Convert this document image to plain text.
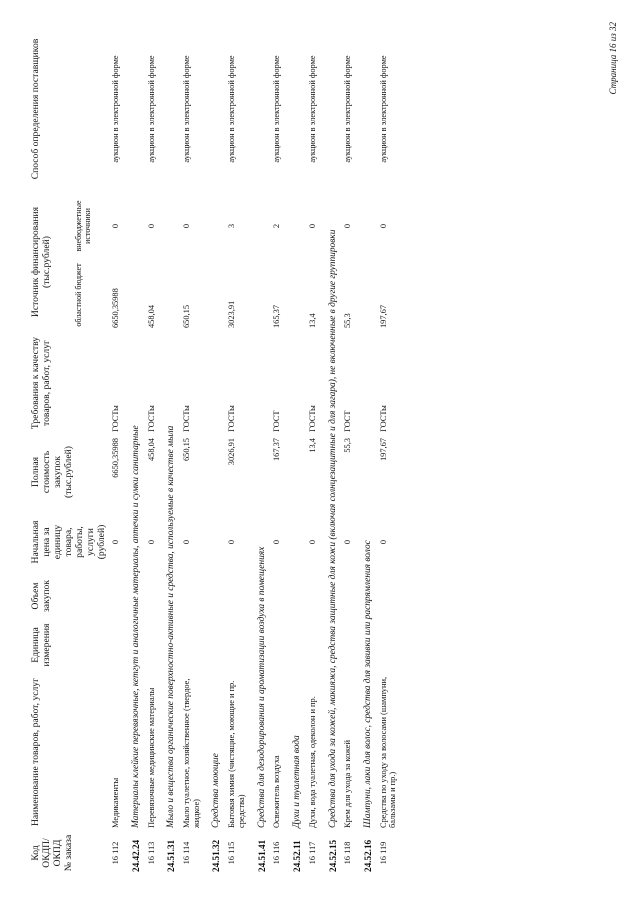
Код ОКДП/ ОКПД № заказа	Наименование товаров, работ, услуг	Единица измерения	Объем закупок	Начальная цена за единицу товара, работы, услуги (рублей)	Полная стоимость закупок (тыс.рублей)	Требования к качеству товаров, работ, услуг	Источник финансирования (тыс.рублей)		Способ определения поставщиков
							областной бюджет	внебюджетные источники	
16 112	Медикаменты			0	6650,35988	ГОСТы	6650,35988	0	аукцион в электронной форме
24.42.24	Материалы клейкие перевязочные, кетгут и аналогичные материалы, аптечки и сумки санитарные								
16 113	Перевязочные медицинские материалы			0	458,04	ГОСТы	458,04	0	аукцион в электронной форме
24.51.31	Мыло и вещества органические поверхностно-активные и средства, используемые в качестве мыла								
16 114	Мыло туалетное, хозяйственное (твердое, жидкое)			0	650,15	ГОСТы	650,15	0	аукцион в электронной форме
24.51.32	Средства моющие								
16 115	Бытовая химия (чистящие, моющие и пр. средства)			0	3026,91	ГОСТы	3023,91	3	аукцион в электронной форме
24.51.41	Средства для дезодорирования и ароматизации воздуха в помещениях								
16 116	Освежитель воздуха			0	167,37	ГОСТ	165,37	2	аукцион в электронной форме
24.52.11	Духи и туалетная вода								
16 117	Духи, вода туалетная, одеколон и пр.			0	13,4	ГОСТы	13,4	0	аукцион в электронной форме
24.52.15	Средства для ухода за кожей, макияжа, средства защитные для кожи (включая солнцезащитные и для загара), не включенные в другие группировки								
16 118	Крем для ухода за кожей			0	55,3	ГОСТ	55,3	0	аукцион в электронной форме
24.52.16	Шампуни, лаки для волос, средства для завивки или распрямления волос								
16 119	Средства по уходу за волосами (шампуни, бальзамы и пр.)			0	197,67	ГОСТы	197,67	0	аукцион в электронной форме	Страница 16 из 32
